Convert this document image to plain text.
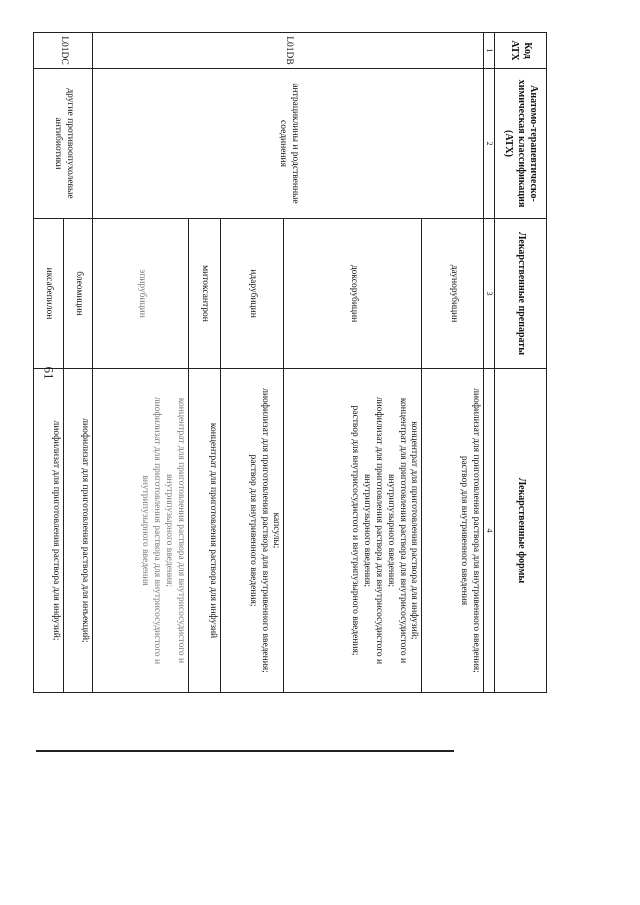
61
Код АТХ	Анатомо-терапевтическо-химическая классификация (АТХ)	Лекарственные препараты	Лекарственные формы
1	2	3	4
L01DB	антрациклины и родственные соединения	даунорубицин	лиофилизат для приготовления раствора для внутривенного введения;
раствор для внутривенного введения

		доксорубицин	концентрат для приготовления раствора для инфузий;
концентрат для приготовления раствора для внутрисосудистого и внутрипузырного введения;
лиофилизат для приготовления раствора для внутрисосудистого и внутрипузырного введения;
раствор для внутрисосудистого и внутрипузырного введения;

		идарубицин	капсулы;
лиофилизат для приготовления раствора для внутривенного введения;
раствор для внутривенного введения;

		митоксантрон	концентрат для приготовления раствора для инфузий

		эпирубицин	концентрат для приготовления раствора для внутрисосудистого и внутрипузырного введения;
лиофилизат для приготовления раствора для внутрисосудистого и внутрипузырного введения

L01DC	другие противоопухолевые антибиотики	блеомицин	лиофилизат для приготовления раствора для инъекций;

		иксабепилон	лиофилизат для приготовления раствора для инфузий;
